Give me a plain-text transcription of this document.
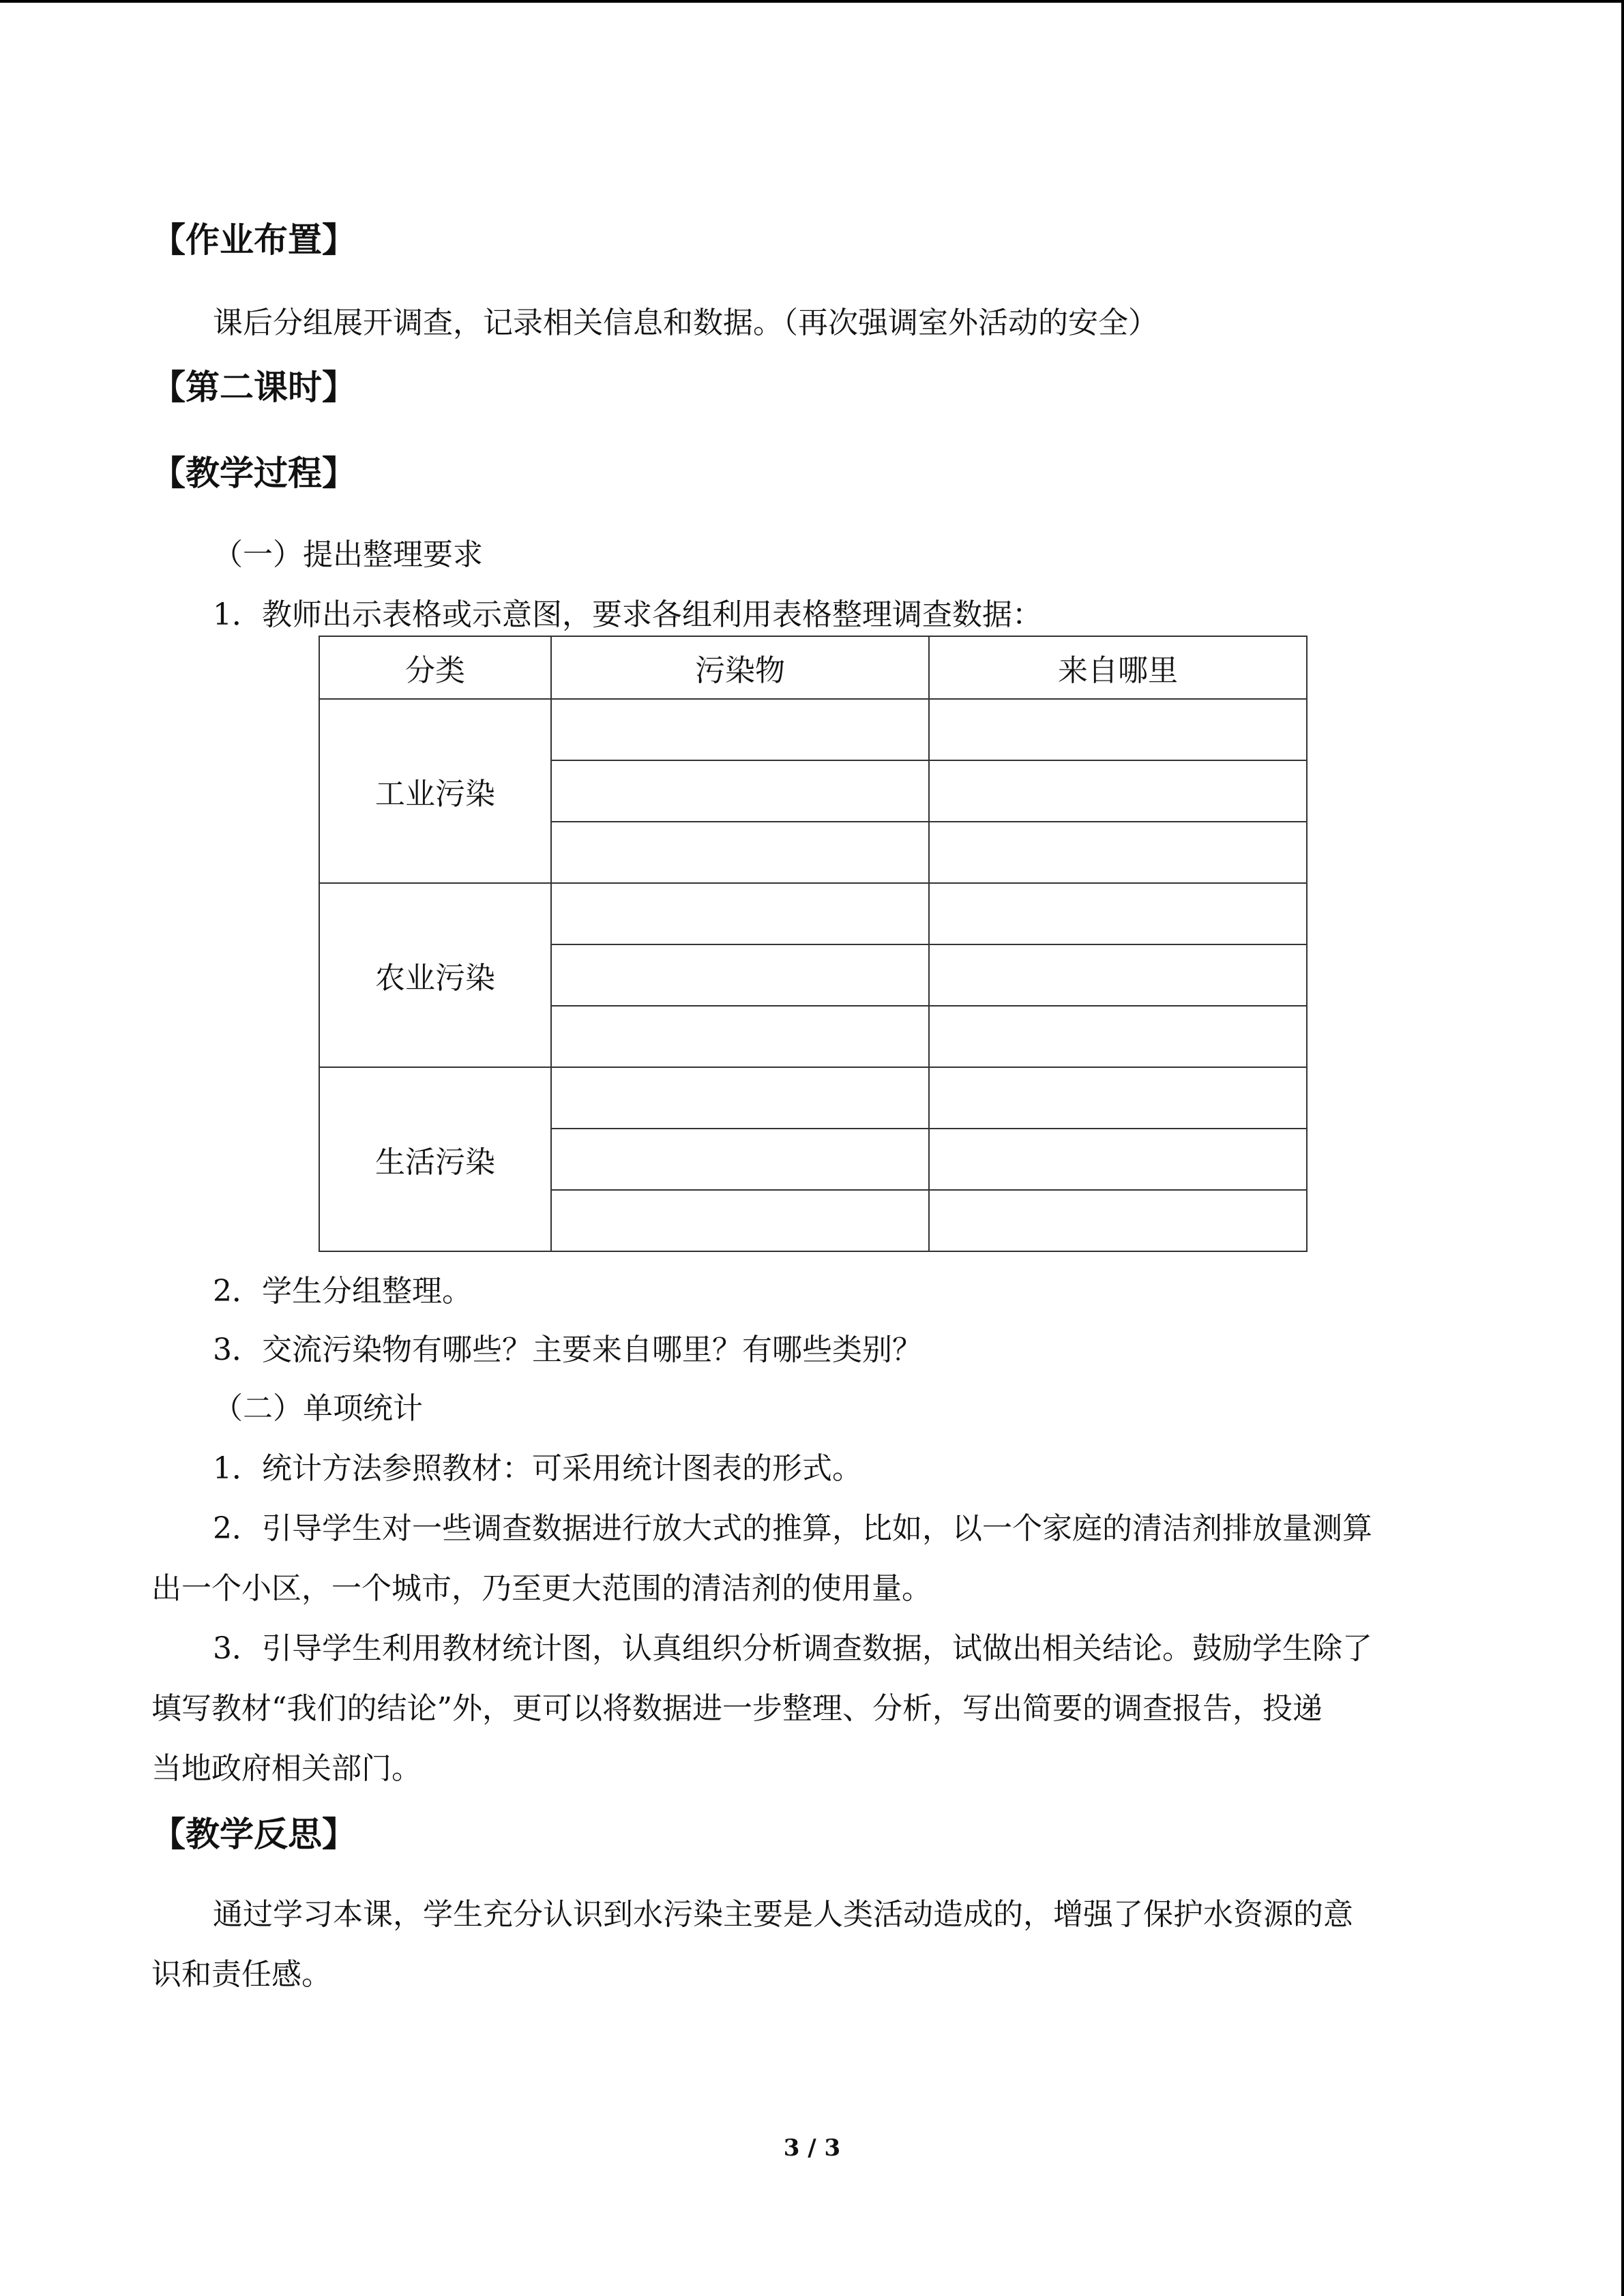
【作业布置】
课后分组展开调查，记录相关信息和数据。（再次强调室外活动的安全）
【第二课时】
【教学过程】
（一）提出整理要求
1．教师出示表格或示意图，要求各组利用表格整理调查数据：
分类	污染物	来自哪里
工业污染		

农业污染		

生活污染		

2．学生分组整理。
3．交流污染物有哪些？主要来自哪里？有哪些类别？
（二）单项统计
1．统计方法参照教材：可采用统计图表的形式。
2．引导学生对一些调查数据进行放大式的推算，比如，以一个家庭的清洁剂排放量测算
出一个小区，一个城市，乃至更大范围的清洁剂的使用量。
3．引导学生利用教材统计图，认真组织分析调查数据，试做出相关结论。鼓励学生除了
填写教材“我们的结论”外，更可以将数据进一步整理、分析，写出简要的调查报告，投递
当地政府相关部门。
【教学反思】
通过学习本课，学生充分认识到水污染主要是人类活动造成的，增强了保护水资源的意
识和责任感。
3 / 3
